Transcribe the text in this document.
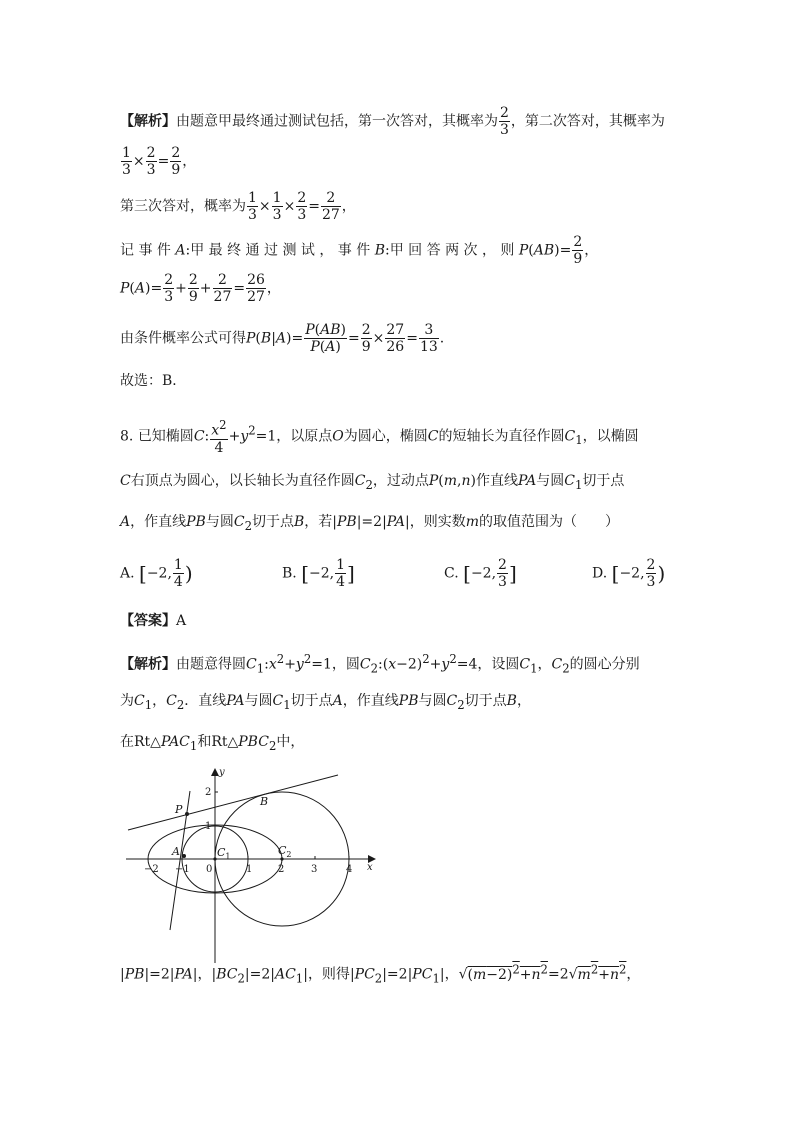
【解析】由题意甲最终通过测试包括，第一次答对，其概率为 $\frac{2}{3}$ ，第二次答对，其概率为
$\frac{1}{3} \times \frac{2}{3} = \frac{2}{9}$ ，
第三次答对，概率为 $\frac{1}{3} \times \frac{1}{3} \times \frac{2}{3} = \frac{2}{27}$ ，
记 事 件 A:甲 最 终 通 过 测 试 ， 事 件 B:甲 回 答 两 次 ， 则 $P(AB)= \frac{2}{9}$ ，
$P(A)= \frac{2}{3} + \frac{2}{9} + \frac{2}{27} = \frac{26}{27}$ ，
由条件概率公式可得$P(B|A)= \frac{P(AB)}{P(A)} = \frac{2}{9} \times \frac{27}{26} = \frac{3}{13}$ .
故选：B．
8. 已知椭圆C: $\frac{x^2}{4} +y^2=1$，以原点O为圆心，椭圆C的短轴长为直径作圆$C_1$，以椭圆
C右顶点为圆心，以长轴长为直径作圆$C_2$，过动点P(m,n)作直线PA与圆$C_1$切于点
A，作直线PB与圆$C_2$切于点B，若|PB|=2|PA|，则实数m的取值范围为（　　）
A. [−2, $\frac{1}{4}$ )	B. [−2, $\frac{1}{4}$ ]	C. [−2, $\frac{2}{3}$ ]	D. [−2, $\frac{2}{3}$ )
【答案】A
【解析】由题意得圆$C_1:x^2+y^2=1$，圆$C_2:(x-2)^2+y^2=4$，设圆$C_1$，$C_2$的圆心分别
为$C_1$，$C_2$．直线PA与圆$C_1$切于点A，作直线PB与圆$C_2$切于点B，
在$Rt\triangle PAC_1$和$Rt\triangle PBC_2$中，
−2 −1 0	1	2	3	4
2
1
x
y
P
A
B
$C_1$	$C_2$
|PB|=2|PA|，$|BC_2|=2|AC_1|$，则得$|PC_2|=2|PC_1|$，$√(m-2)^2+n^2=2√m^2+n^2$，
